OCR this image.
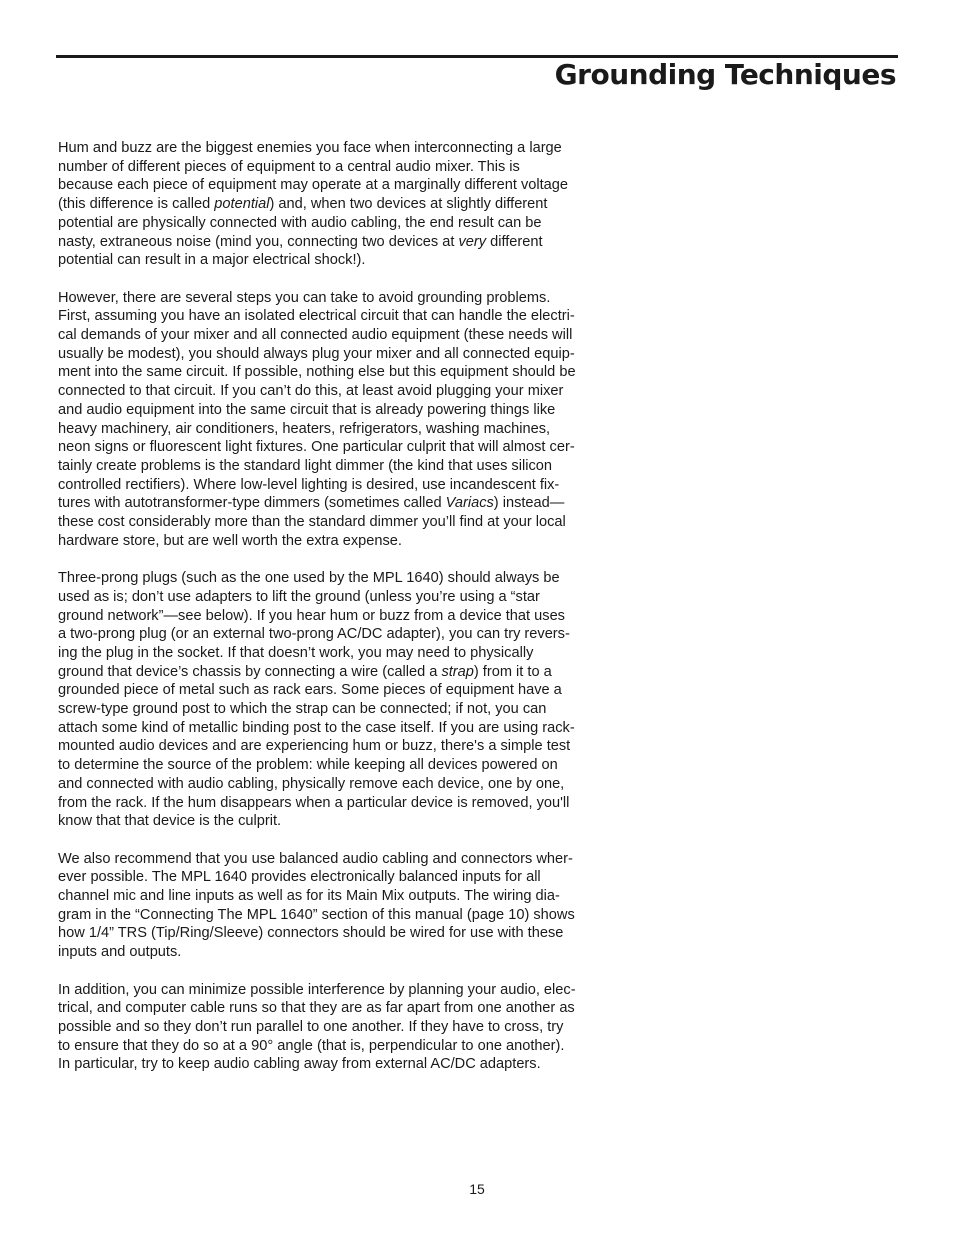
Grounding Techniques

Hum and buzz are the biggest enemies you face when interconnecting a large
number of different pieces of equipment to a central audio mixer. This is
because each piece of equipment may operate at a marginally different voltage
(this difference is called potential) and, when two devices at slightly different
potential are physically connected with audio cabling, the end result can be
nasty, extraneous noise (mind you, connecting two devices at very different
potential can result in a major electrical shock!).

However, there are several steps you can take to avoid grounding problems.
First, assuming you have an isolated electrical circuit that can handle the electri-
cal demands of your mixer and all connected audio equipment (these needs will
usually be modest), you should always plug your mixer and all connected equip-
ment into the same circuit. If possible, nothing else but this equipment should be
connected to that circuit. If you can’t do this, at least avoid plugging your mixer
and audio equipment into the same circuit that is already powering things like
heavy machinery, air conditioners, heaters, refrigerators, washing machines,
neon signs or fluorescent light fixtures. One particular culprit that will almost cer-
tainly create problems is the standard light dimmer (the kind that uses silicon
controlled rectifiers). Where low-level lighting is desired, use incandescent fix-
tures with autotransformer-type dimmers (sometimes called Variacs) instead—
these cost considerably more than the standard dimmer you’ll find at your local
hardware store, but are well worth the extra expense.

Three-prong plugs (such as the one used by the MPL 1640) should always be
used as is; don’t use adapters to lift the ground (unless you’re using a “star
ground network”—see below). If you hear hum or buzz from a device that uses
a two-prong plug (or an external two-prong AC/DC adapter), you can try revers-
ing the plug in the socket. If that doesn’t work, you may need to physically
ground that device’s chassis by connecting a wire (called a strap) from it to a
grounded piece of metal such as rack ears. Some pieces of equipment have a
screw-type ground post to which the strap can be connected; if not, you can
attach some kind of metallic binding post to the case itself. If you are using rack-
mounted audio devices and are experiencing hum or buzz, there's a simple test
to determine the source of the problem: while keeping all devices powered on
and connected with audio cabling, physically remove each device, one by one,
from the rack. If the hum disappears when a particular device is removed, you'll
know that that device is the culprit.

We also recommend that you use balanced audio cabling and connectors wher-
ever possible. The MPL 1640 provides electronically balanced inputs for all
channel mic and line inputs as well as for its Main Mix outputs. The wiring dia-
gram in the “Connecting The MPL 1640” section of this manual (page 10) shows
how 1/4” TRS (Tip/Ring/Sleeve) connectors should be wired for use with these
inputs and outputs.

In addition, you can minimize possible interference by planning your audio, elec-
trical, and computer cable runs so that they are as far apart from one another as
possible and so they don’t run parallel to one another. If they have to cross, try
to ensure that they do so at a 90° angle (that is, perpendicular to one another).
In particular, try to keep audio cabling away from external AC/DC adapters.

15
